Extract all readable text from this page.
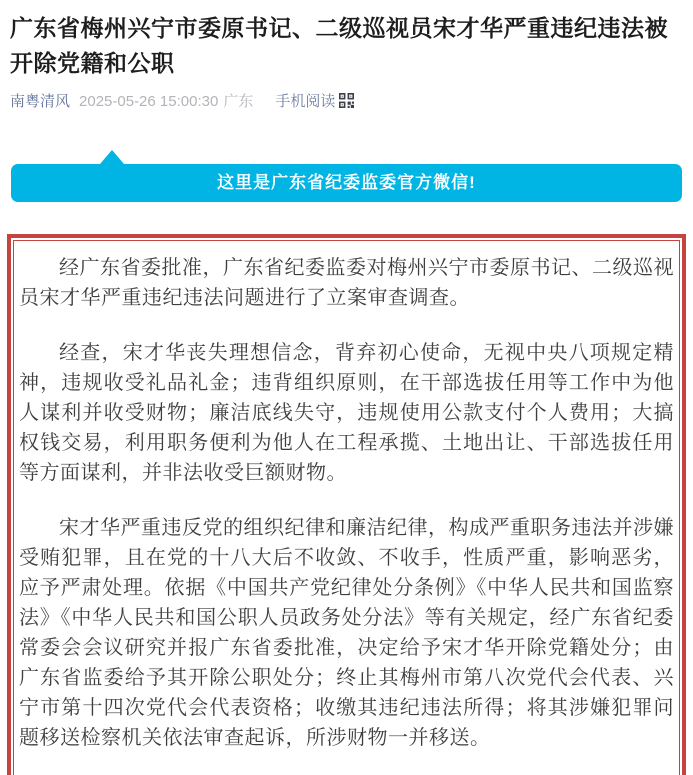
广东省梅州兴宁市委原书记、二级巡视员宋才华严重违纪违法被开除党籍和公职
南粤清风 2025-05-26 15:00:30 广东 手机阅读
这里是广东省纪委监委官方微信!

经广东省委批准，广东省纪委监委对梅州兴宁市委原书记、二级巡视员宋才华严重违纪违法问题进行了立案审查调查。

经查，宋才华丧失理想信念，背弃初心使命，无视中央八项规定精神，违规收受礼品礼金；违背组织原则，在干部选拔任用等工作中为他人谋利并收受财物；廉洁底线失守，违规使用公款支付个人费用；大搞权钱交易，利用职务便利为他人在工程承揽、土地出让、干部选拔任用等方面谋利，并非法收受巨额财物。

宋才华严重违反党的组织纪律和廉洁纪律，构成严重职务违法并涉嫌受贿犯罪，且在党的十八大后不收敛、不收手，性质严重，影响恶劣，应予严肃处理。依据《中国共产党纪律处分条例》《中华人民共和国监察法》《中华人民共和国公职人员政务处分法》等有关规定，经广东省纪委常委会会议研究并报广东省委批准，决定给予宋才华开除党籍处分；由广东省监委给予其开除公职处分；终止其梅州市第八次党代会代表、兴宁市第十四次党代会代表资格；收缴其违纪违法所得；将其涉嫌犯罪问题移送检察机关依法审查起诉，所涉财物一并移送。
